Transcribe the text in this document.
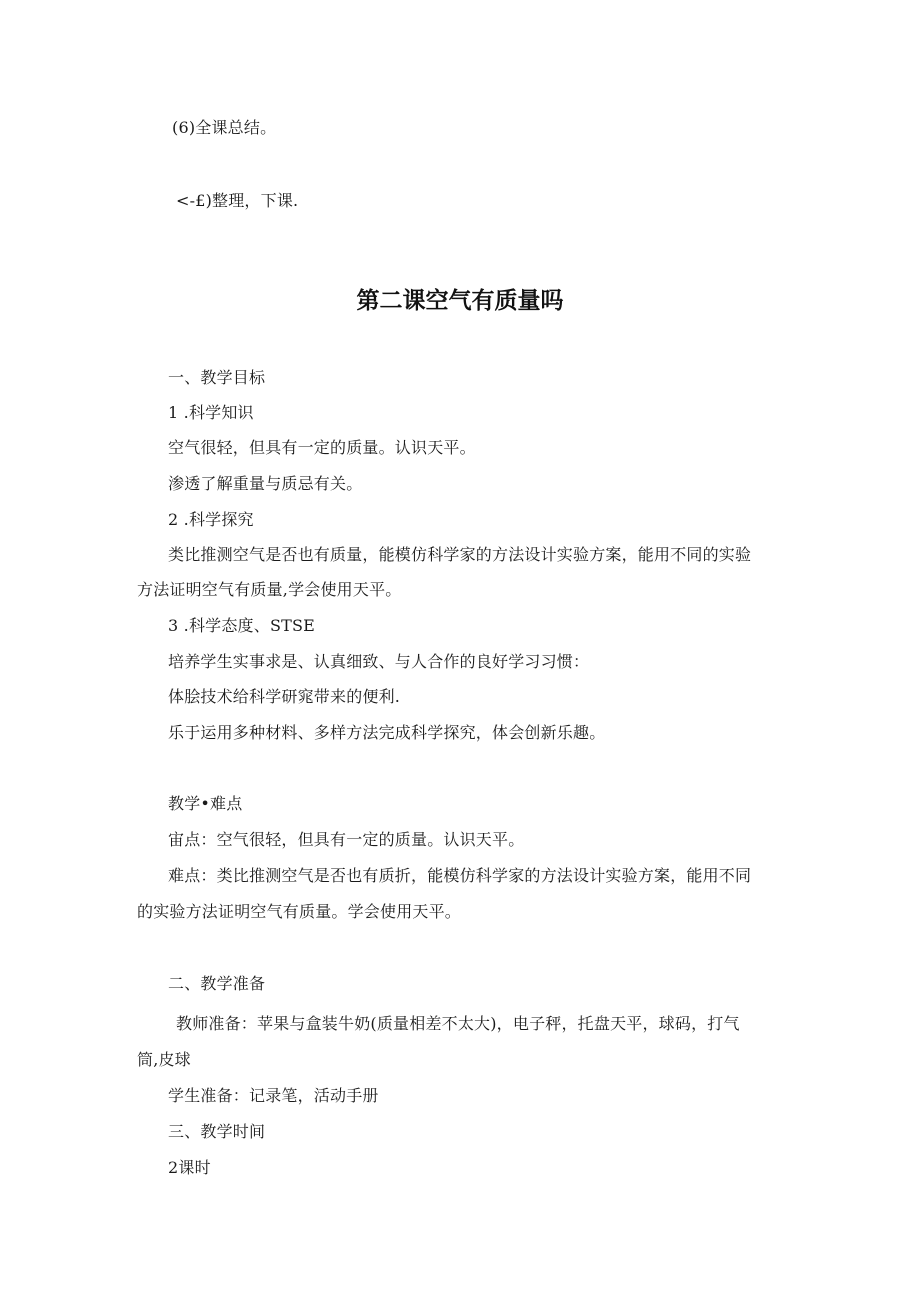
(6)全课总结。
<-£)整理，下课.
第二课空气有质量吗
一、教学目标
1 .科学知识
空气很轻，但具有一定的质量。认识天平。
渗透了解重量与质忌有关。
2 .科学探究
类比推测空气是否也有质量，能模仿科学家的方法设计实验方案，能用不同的实验
方法证明空气有质量,学会使用天平。
3 .科学态度、STSE
培养学生实事求是、认真细致、与人合作的良好学习习惯：
体脍技术给科学研窕带来的便利.
乐于运用多种材料、多样方法完成科学探究，体会创新乐趣。
教学•难点
宙点：空气很轻，但具有一定的质量。认识天平。
难点：类比推测空气是否也有质折，能模仿科学家的方法设计实验方案，能用不同
的实验方法证明空气有质量。学会使用天平。
二、教学准备
教师准备：苹果与盒装牛奶(质量相差不太大)，电子秤，托盘天平，球码，打气
筒,皮球
学生准备：记录笔，活动手册
三、教学时间
2课时
